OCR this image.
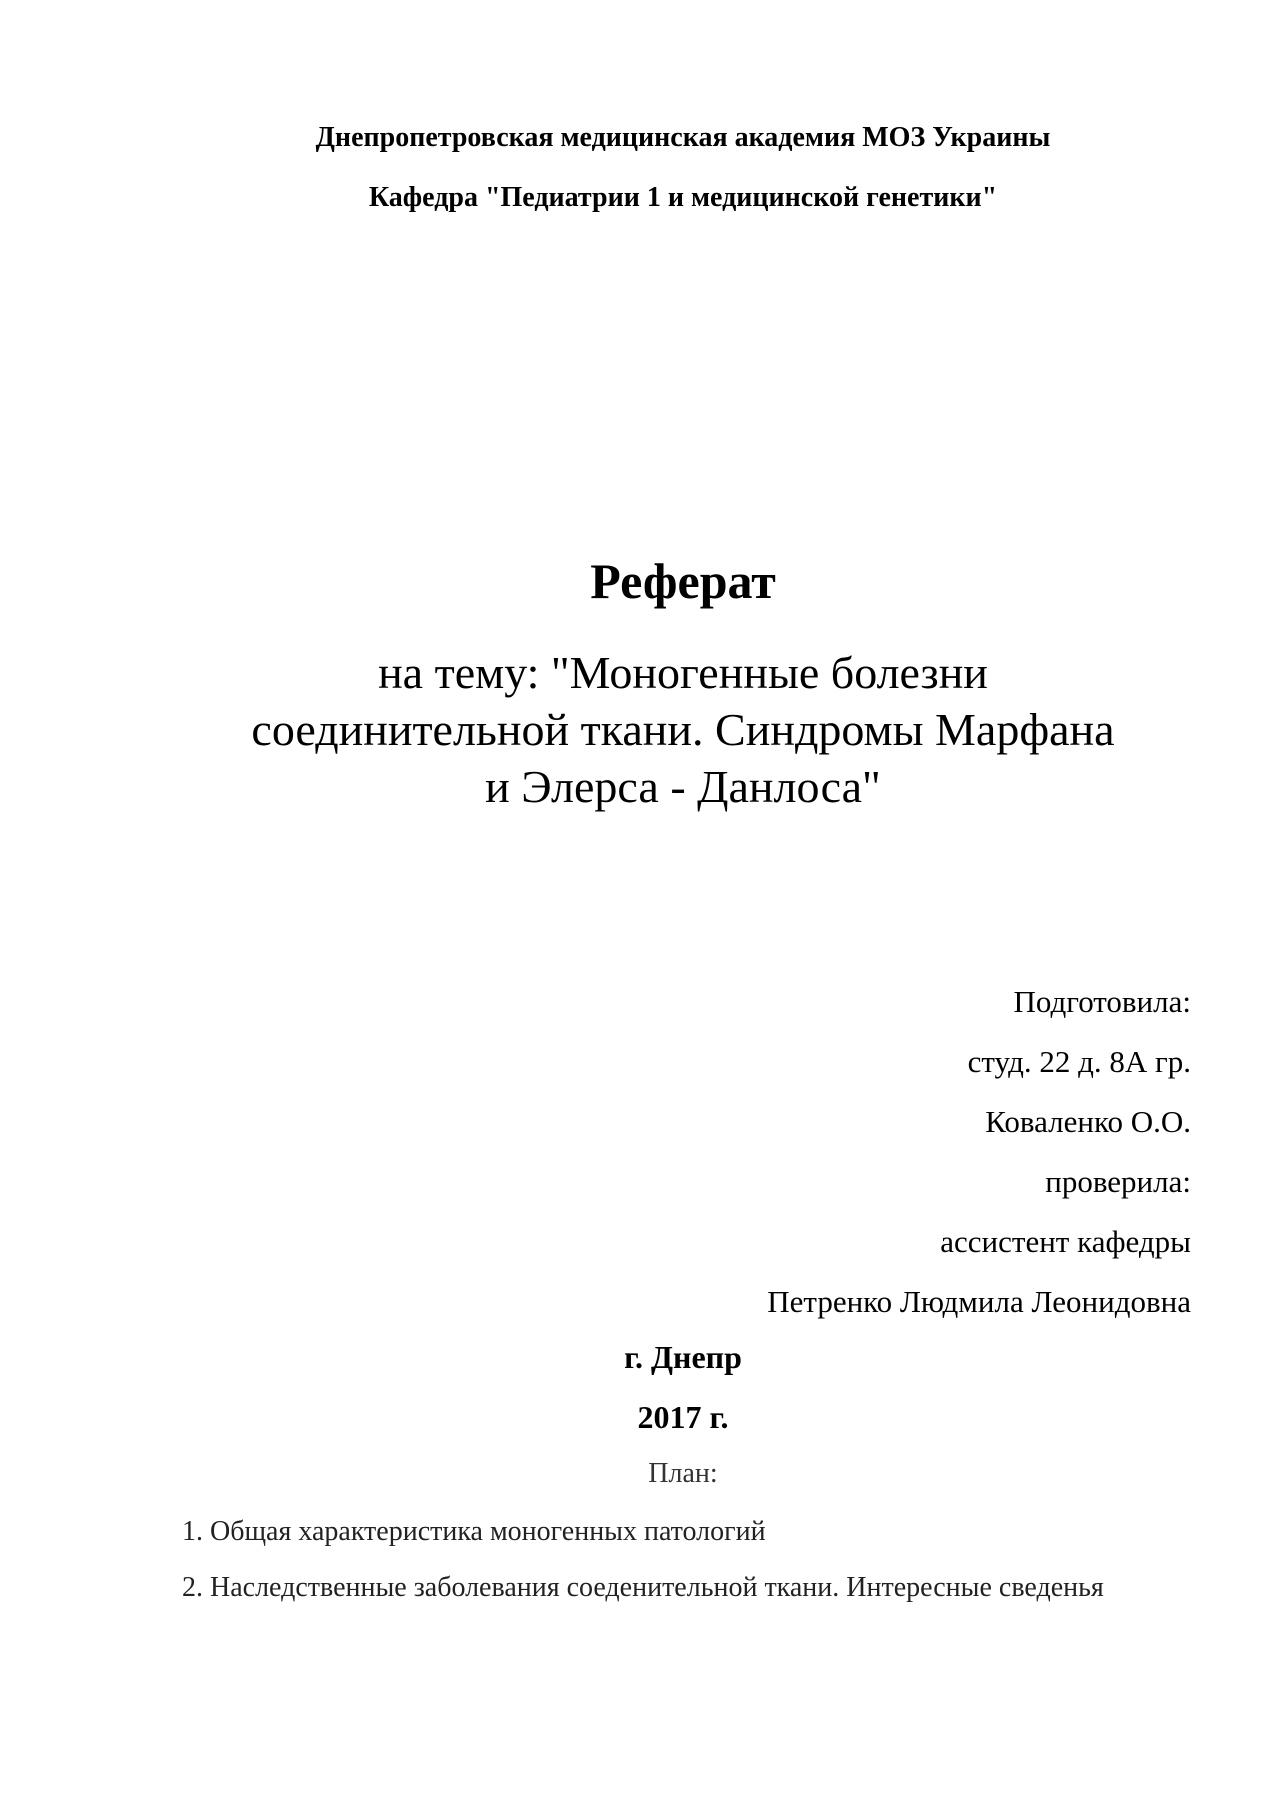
Днепропетровская медицинская академия МОЗ Украины
Кафедра "Педиатрии 1 и медицинской генетики"
Реферат
на тему: "Моногенные болезни
соединительной ткани. Синдромы Марфана
и Элерса - Данлоса"
Подготовила:
студ. 22 д. 8А гр.
Коваленко О.О.
проверила:
ассистент кафедры
Петренко Людмила Леонидовна
г. Днепр
2017 г.
План:
1. Общая характеристика моногенных патологий
2. Наследственные заболевания соеденительной ткани. Интересные сведенья
